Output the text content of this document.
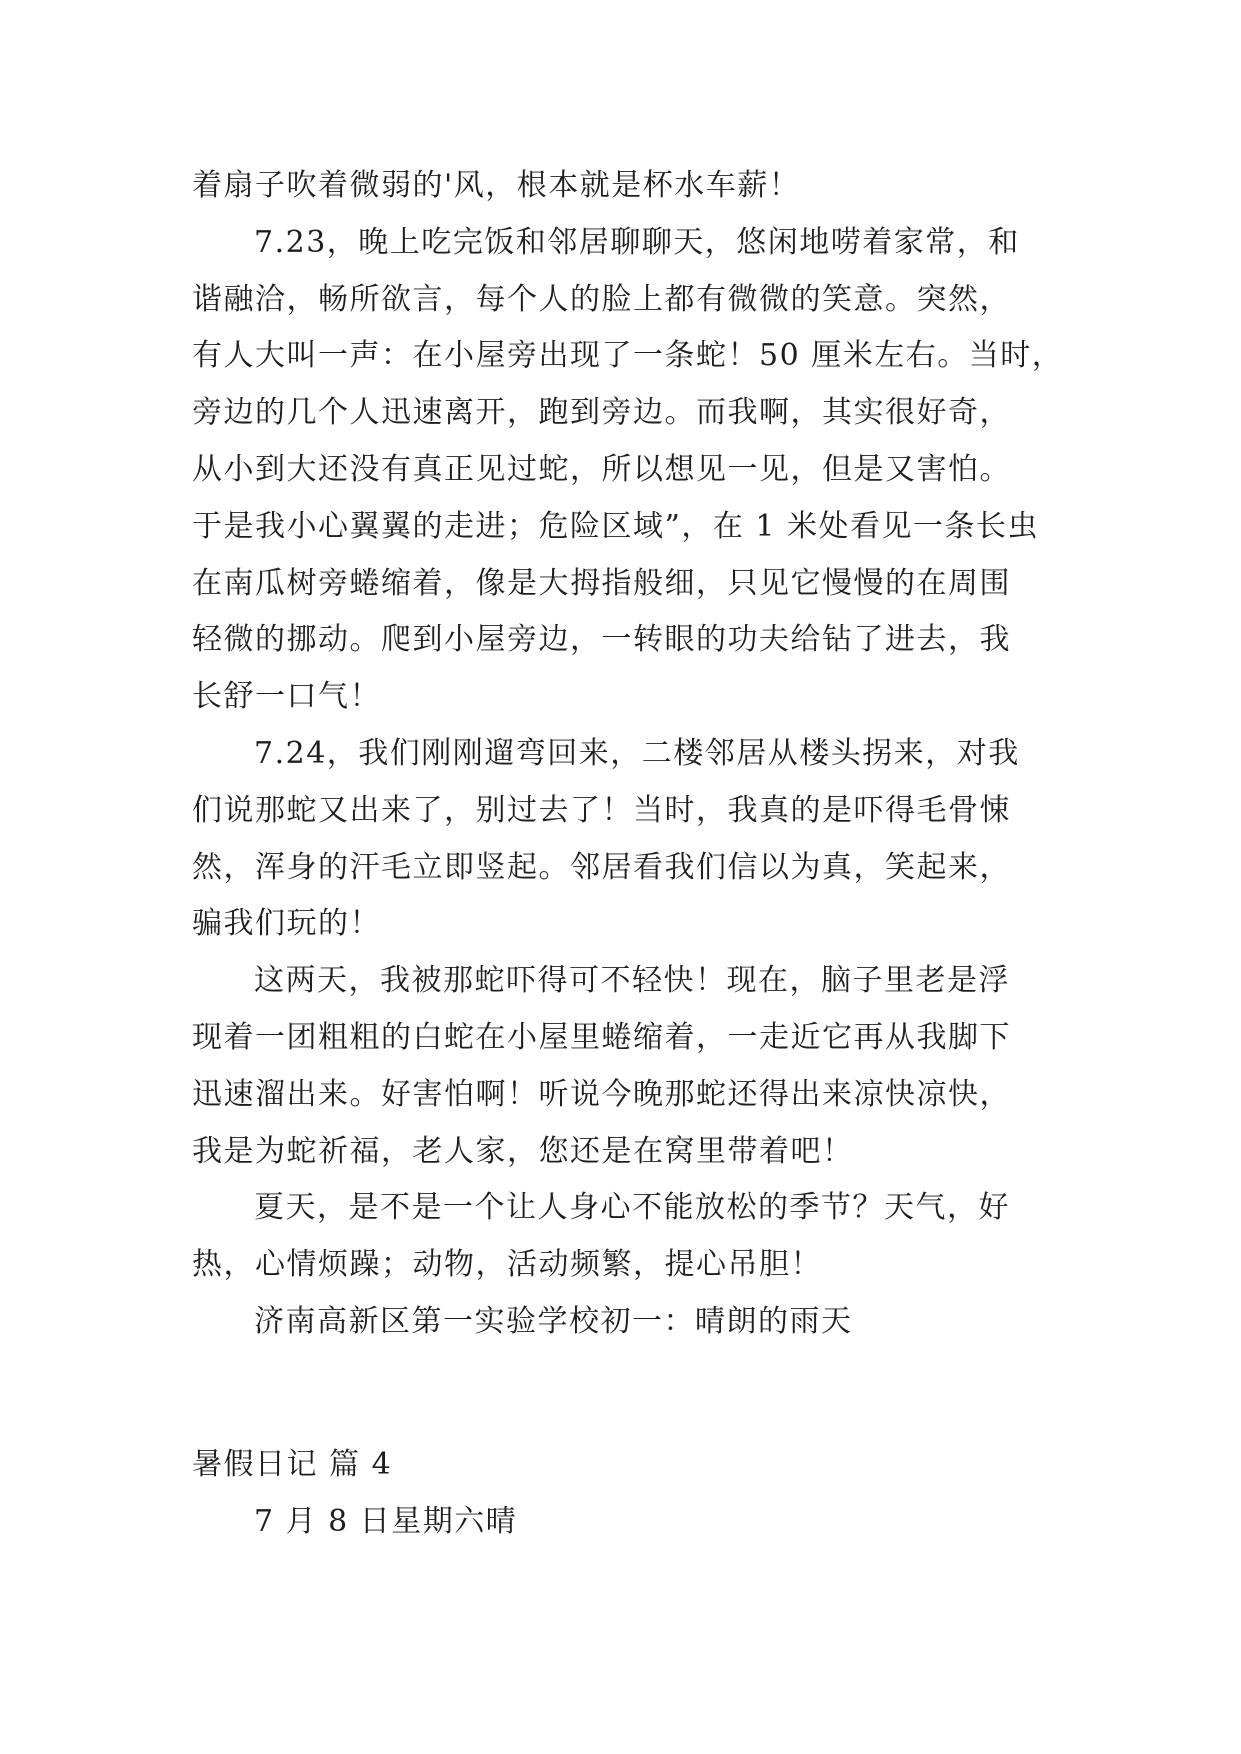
着扇子吹着微弱的'风，根本就是杯水车薪！
7.23，晚上吃完饭和邻居聊聊天，悠闲地唠着家常，和
谐融洽，畅所欲言，每个人的脸上都有微微的笑意。突然，
有人大叫一声：在小屋旁出现了一条蛇！50 厘米左右。当时，
旁边的几个人迅速离开，跑到旁边。而我啊，其实很好奇，
从小到大还没有真正见过蛇，所以想见一见，但是又害怕。
于是我小心翼翼的走进；危险区域”，在 1 米处看见一条长虫
在南瓜树旁蜷缩着，像是大拇指般细，只见它慢慢的在周围
轻微的挪动。爬到小屋旁边，一转眼的功夫给钻了进去，我
长舒一口气！
7.24，我们刚刚遛弯回来，二楼邻居从楼头拐来，对我
们说那蛇又出来了，别过去了！当时，我真的是吓得毛骨悚
然，浑身的汗毛立即竖起。邻居看我们信以为真，笑起来，
骗我们玩的！
这两天，我被那蛇吓得可不轻快！现在，脑子里老是浮
现着一团粗粗的白蛇在小屋里蜷缩着，一走近它再从我脚下
迅速溜出来。好害怕啊！听说今晚那蛇还得出来凉快凉快，
我是为蛇祈福，老人家，您还是在窝里带着吧！
夏天，是不是一个让人身心不能放松的季节？天气，好
热，心情烦躁；动物，活动频繁，提心吊胆！
济南高新区第一实验学校初一：晴朗的雨天
暑假日记 篇 4
7 月 8 日星期六晴
